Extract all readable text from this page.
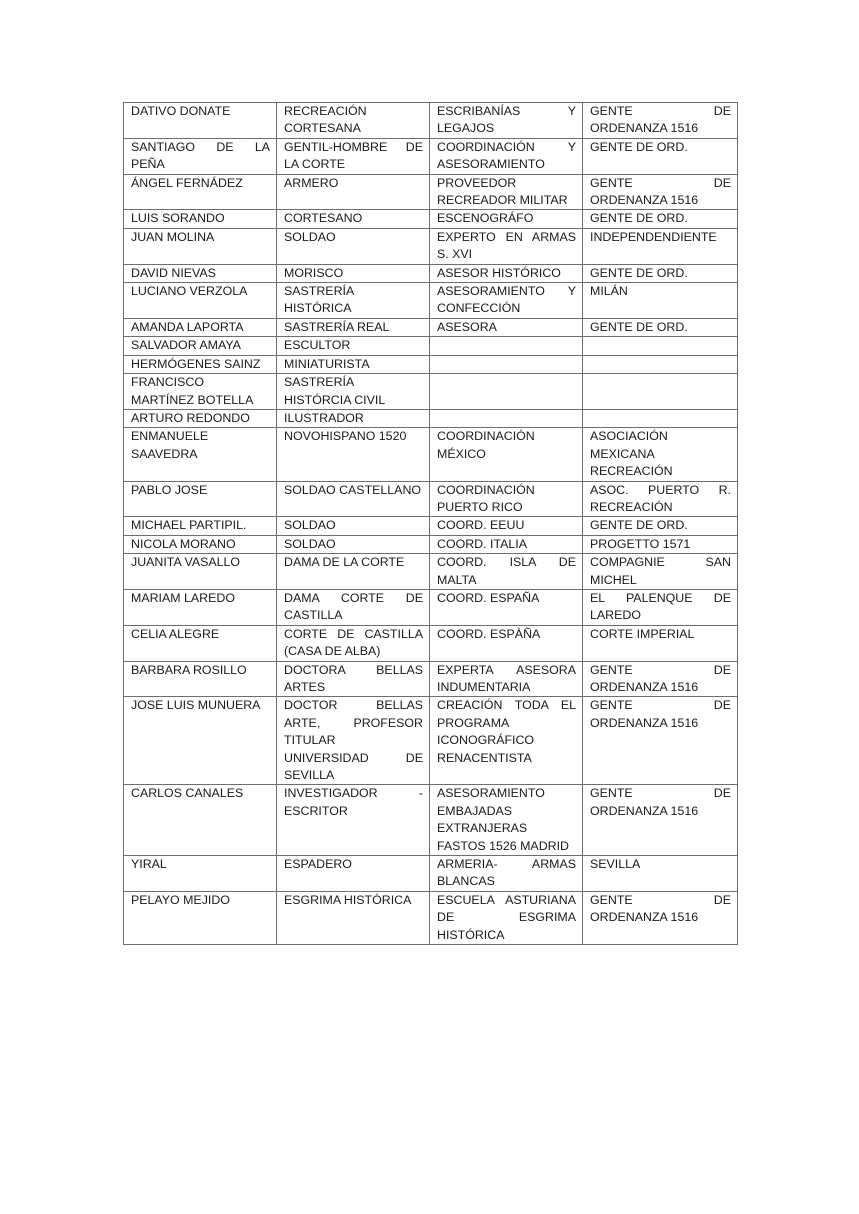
DATIVO DONATE	RECREACIÓN CORTESANA	ESCRIBANÍAS Y LEGAJOS	GENTE DE ORDENANZA 1516
SANTIAGO DE LA PEÑA	GENTIL-HOMBRE DE LA CORTE	COORDINACIÓN Y ASESORAMIENTO	GENTE DE ORD.
ÁNGEL FERNÁDEZ	ARMERO	PROVEEDOR RECREADOR MILITAR	GENTE DE ORDENANZA 1516
LUIS SORANDO	CORTESANO	ESCENOGRÁFO	GENTE DE ORD.
JUAN MOLINA	SOLDAO	EXPERTO EN ARMAS S. XVI	INDEPENDENDIENTE
DAVID NIEVAS	MORISCO	ASESOR HISTÓRICO	GENTE DE ORD.
LUCIANO VERZOLA	SASTRERÍA HISTÓRICA	ASESORAMIENTO Y CONFECCIÓN	MILÁN
AMANDA LAPORTA	SASTRERÍA REAL	ASESORA	GENTE DE ORD.
SALVADOR AMAYA	ESCULTOR		
HERMÓGENES SAINZ	MINIATURISTA		
FRANCISCO MARTÍNEZ BOTELLA	SASTRERÍA HISTÓRCIA CIVIL		
ARTURO REDONDO	ILUSTRADOR		
ENMANUELE SAAVEDRA	NOVOHISPANO 1520	COORDINACIÓN MÉXICO	ASOCIACIÓN MEXICANA RECREACIÓN
PABLO JOSE	SOLDAO CASTELLANO	COORDINACIÓN PUERTO RICO	ASOC. PUERTO R. RECREACIÓN
MICHAEL PARTIPIL.	SOLDAO	COORD. EEUU	GENTE DE ORD.
NICOLA MORANO	SOLDAO	COORD. ITALIA	PROGETTO 1571
JUANITA VASALLO	DAMA DE LA CORTE	COORD. ISLA DE MALTA	COMPAGNIE SAN MICHEL
MARIAM LAREDO	DAMA CORTE DE CASTILLA	COORD. ESPAÑA	EL PALENQUE DE LAREDO
CELIA ALEGRE	CORTE DE CASTILLA (CASA DE ALBA)	COORD. ESPÀÑA	CORTE IMPERIAL
BARBARA ROSILLO	DOCTORA BELLAS ARTES	EXPERTA ASESORA INDUMENTARIA	GENTE DE ORDENANZA 1516
JOSE LUIS MUNUERA	DOCTOR BELLAS ARTE, PROFESOR TITULAR UNIVERSIDAD DE SEVILLA	CREACIÓN TODA EL PROGRAMA ICONOGRÁFICO RENACENTISTA	GENTE DE ORDENANZA 1516
CARLOS CANALES	INVESTIGADOR - ESCRITOR	ASESORAMIENTO EMBAJADAS EXTRANJERAS FASTOS 1526 MADRID	GENTE DE ORDENANZA 1516
YIRAL	ESPADERO	ARMERIA- ARMAS BLANCAS	SEVILLA
PELAYO MEJIDO	ESGRIMA HISTÓRICA	ESCUELA ASTURIANA DE ESGRIMA HISTÓRICA	GENTE DE ORDENANZA 1516
